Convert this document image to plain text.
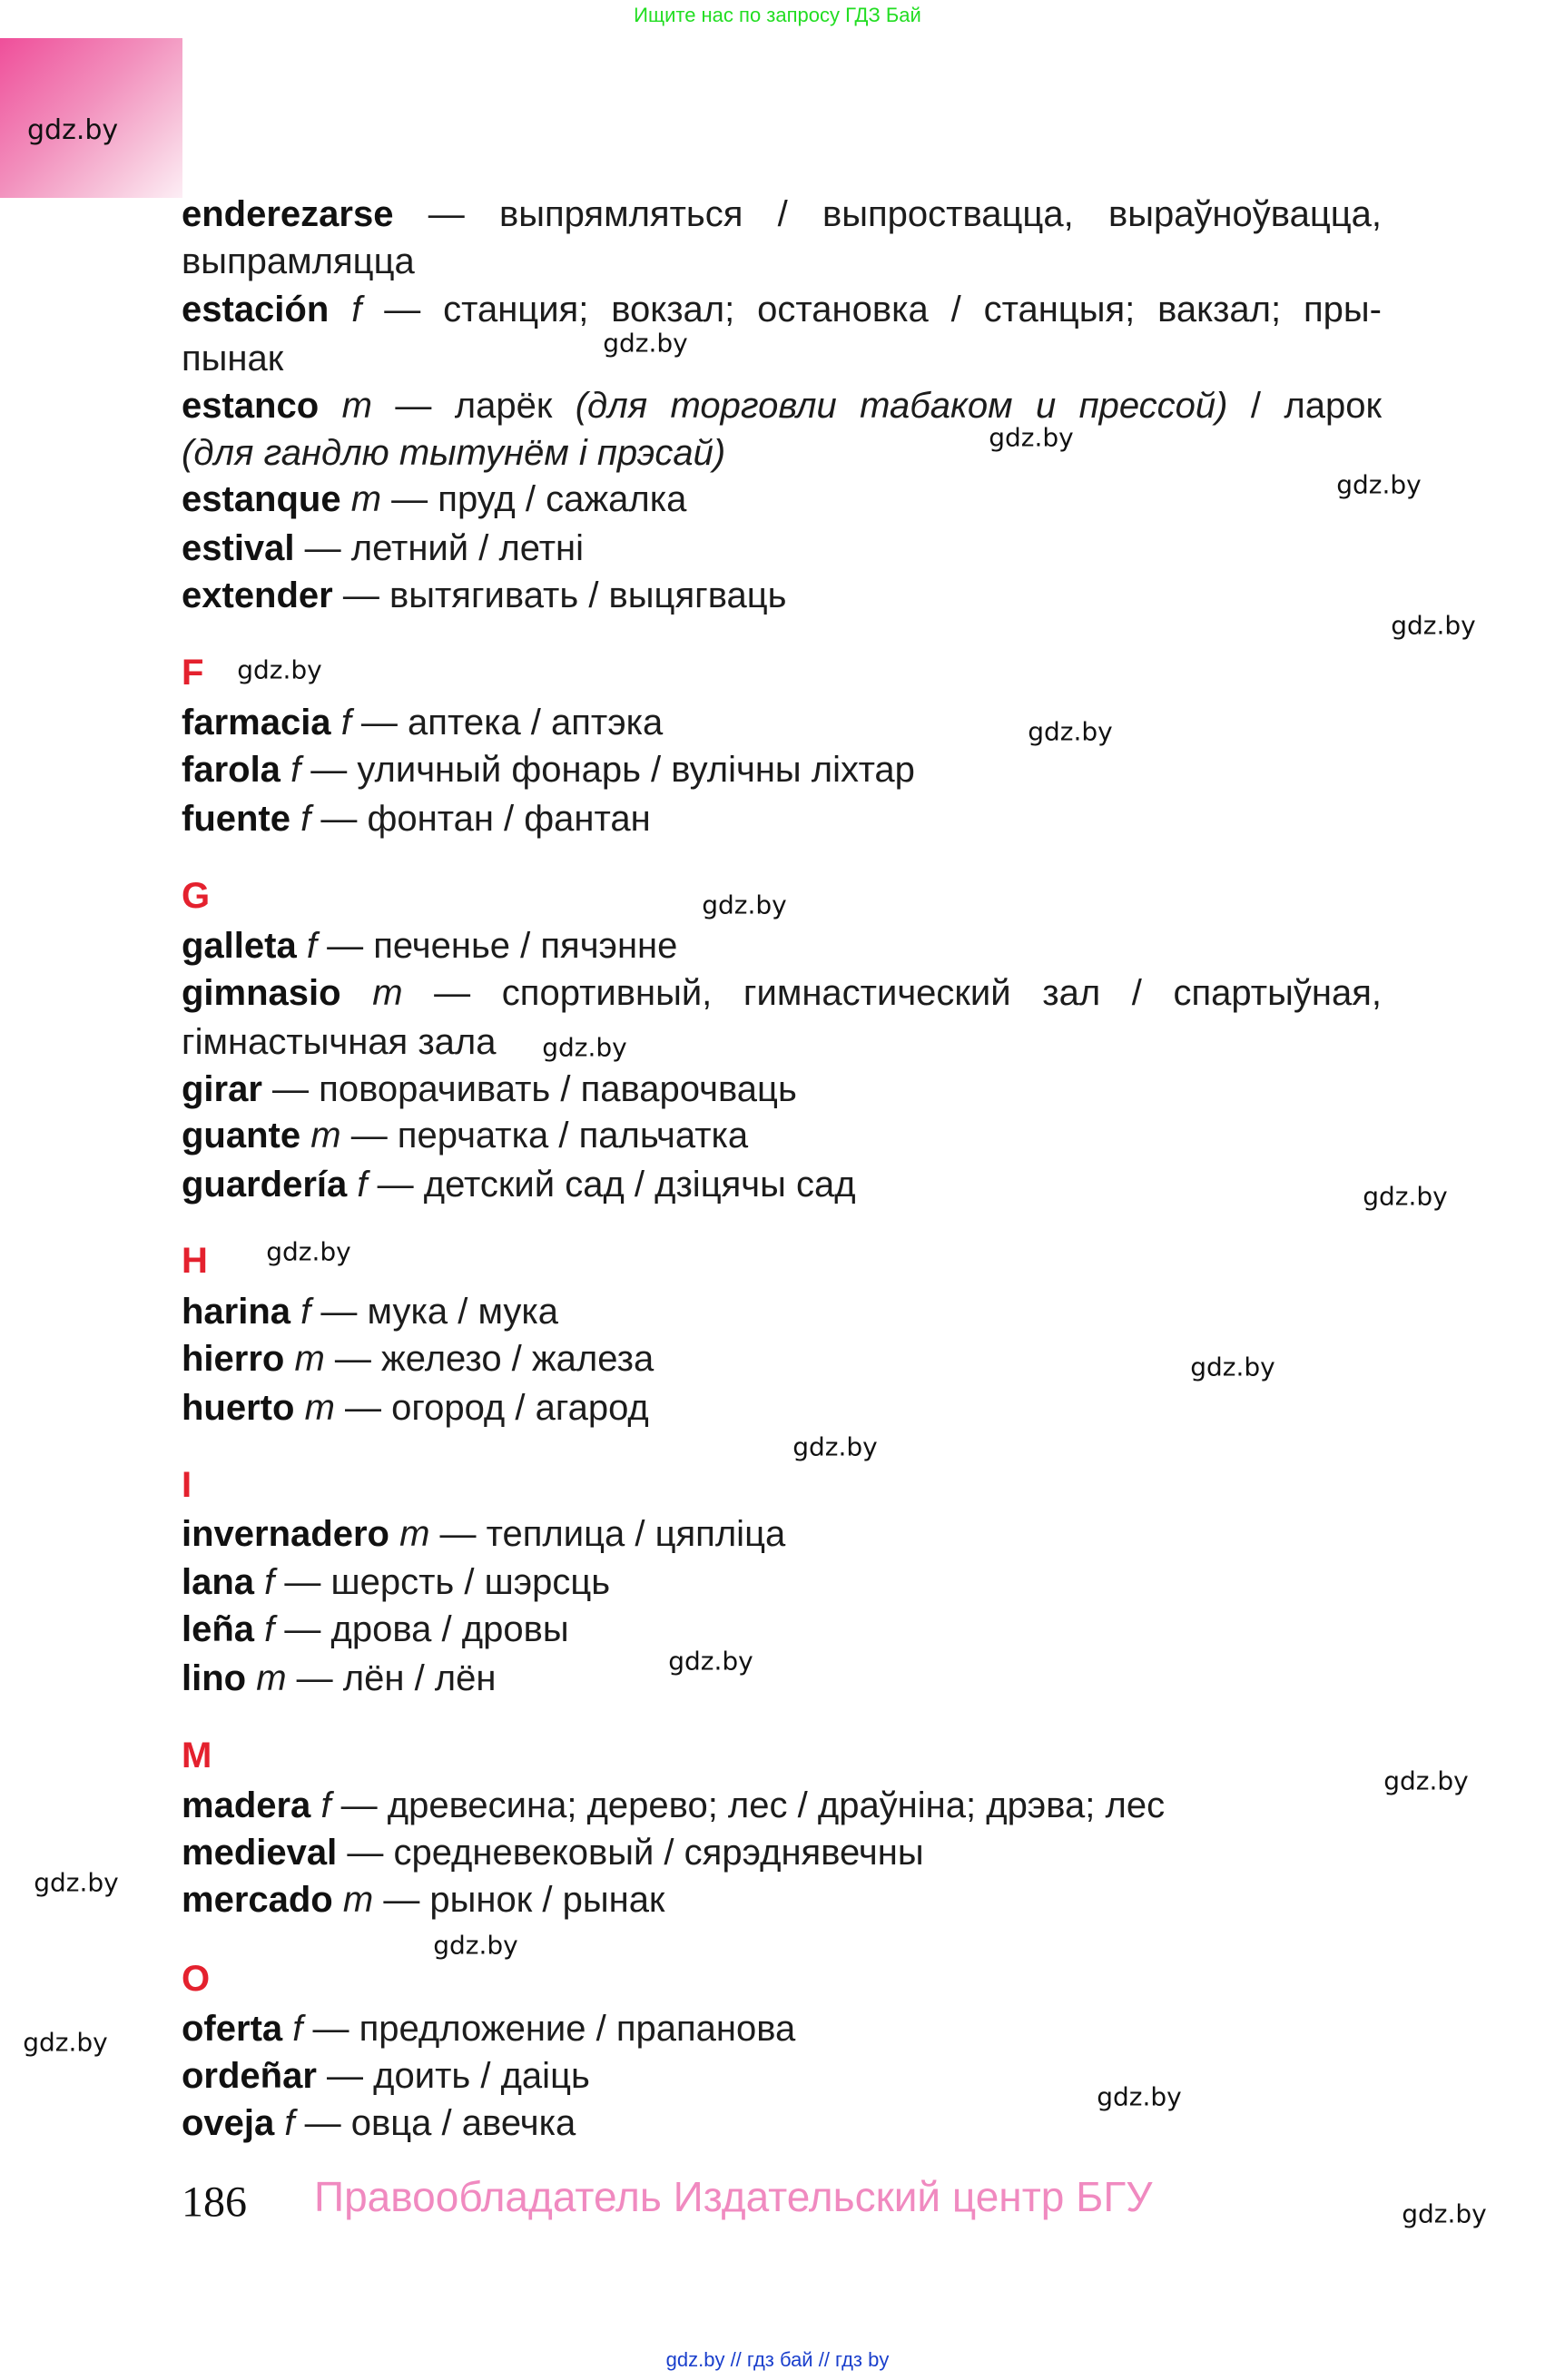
Ищите нас по запросу ГДЗ Бай
gdz.by
enderezarse — выпрямляться / выпроствацца, выраўноўвацца,
выпрамляцца
estación f — станция; вокзал; остановка / станцыя; вакзал; пры-
пынак
estanco m — ларёк (для торговли табаком и прессой) / ларок
(для гандлю тытунём і прэсай)
estanque m — пруд / сажалка
estival — летний / летні
extender — вытягивать / выцягваць
F
farmacia f — аптека / аптэка
farola f — уличный фонарь / вулічны ліхтар
fuente f — фонтан / фантан
G
galleta f — печенье / пячэнне
gimnasio m — спортивный, гимнастический зал / спартыўная,
гімнастычная зала
girar — поворачивать / паварочваць
guante m — перчатка / пальчатка
guardería f — детский сад / дзіцячы сад
H
harina f — мука / мука
hierro m — железо / жалеза
huerto m — огород / агарод
I
invernadero m — теплица / цяпліца
lana f — шерсть / шэрсць
leña f — дрова / дровы
lino m — лён / лён
M
madera f — древесина; дерево; лес / драўніна; дрэва; лес
medieval — средневековый / сярэднявечны
mercado m — рынок / рынак
O
oferta f — предложение / прапанова
ordeñar — доить / даіць
oveja f — овца / авечка
gdz.by
gdz.by
gdz.by
gdz.by
gdz.by
gdz.by
gdz.by
gdz.by
gdz.by
gdz.by
gdz.by
gdz.by
gdz.by
gdz.by
gdz.by
gdz.by
gdz.by
gdz.by
gdz.by
186 Правообладатель Издательский центр БГУ
gdz.by // гдз бай // гдз by
